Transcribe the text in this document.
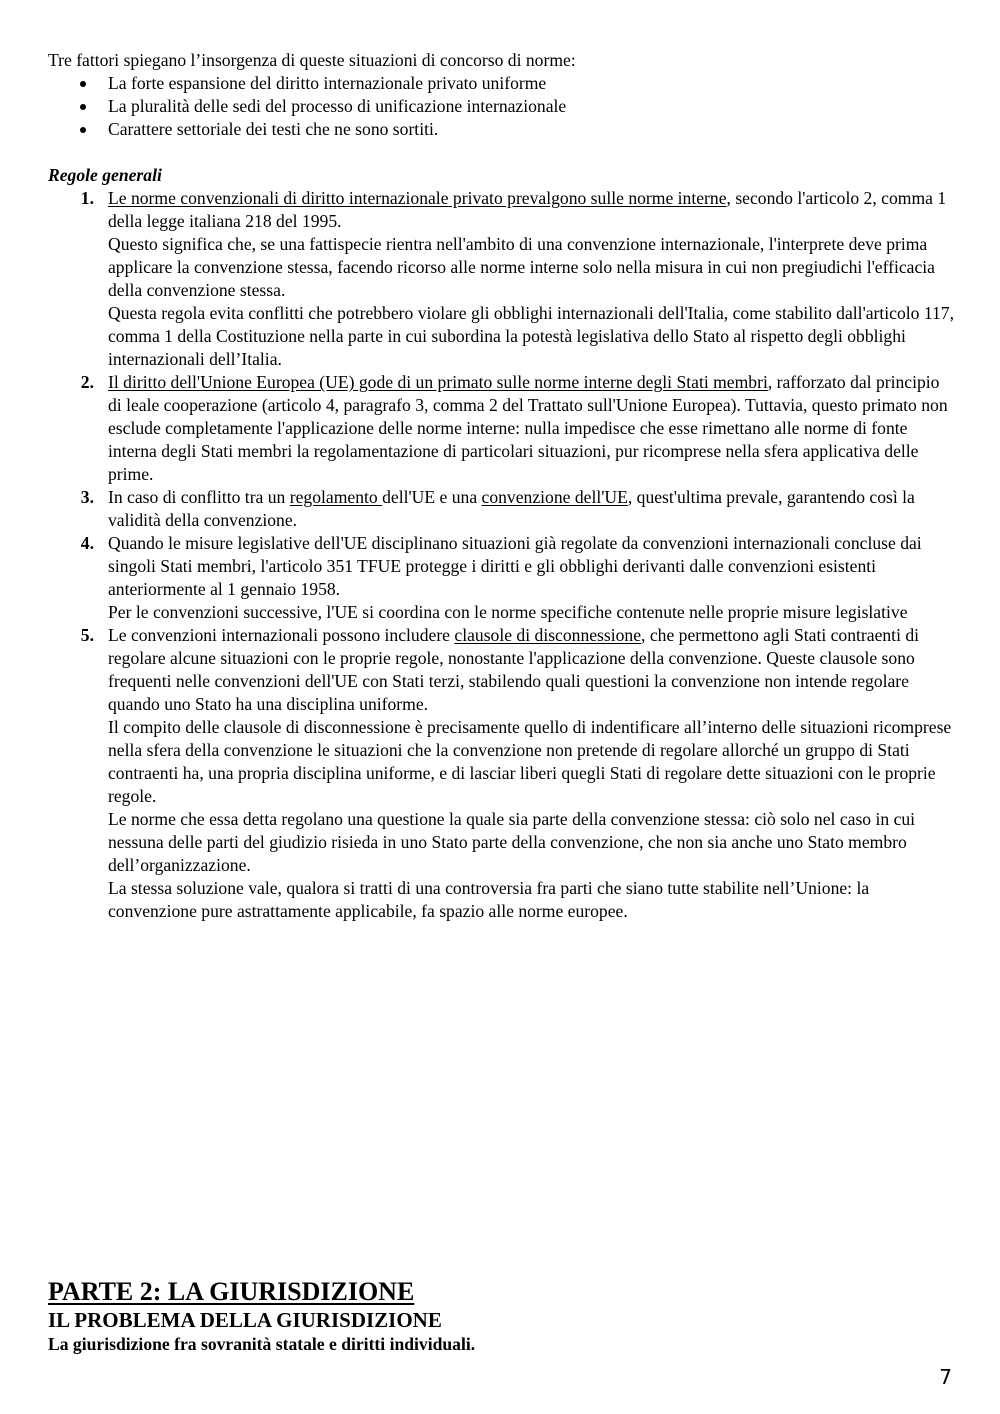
Tre fattori spiegano l’insorgenza di queste situazioni di concorso di norme:

La forte espansione del diritto internazionale privato uniforme
La pluralità delle sedi del processo di unificazione internazionale
Carattere settoriale dei testi che ne sono sortiti.

Regole generali

1. Le norme convenzionali di diritto internazionale privato prevalgono sulle norme interne, secondo l'articolo 2, comma 1 della legge italiana 218 del 1995.

Questo significa che, se una fattispecie rientra nell'ambito di una convenzione internazionale, l'interprete deve prima applicare la convenzione stessa, facendo ricorso alle norme interne solo nella misura in cui non pregiudichi l'efficacia della convenzione stessa.

Questa regola evita conflitti che potrebbero violare gli obblighi internazionali dell'Italia, come stabilito dall'articolo 117, comma 1 della Costituzione nella parte in cui subordina la potestà legislativa dello Stato al rispetto degli obblighi internazionali dell’Italia.

2. Il diritto dell'Unione Europea (UE) gode di un primato sulle norme interne degli Stati membri, rafforzato dal principio di leale cooperazione (articolo 4, paragrafo 3, comma 2 del Trattato sull'Unione Europea). Tuttavia, questo primato non esclude completamente l'applicazione delle norme interne: nulla impedisce che esse rimettano alle norme di fonte interna degli Stati membri la regolamentazione di particolari situazioni, pur ricomprese nella sfera applicativa delle prime.

3. In caso di conflitto tra un regolamento dell'UE e una convenzione dell'UE, quest'ultima prevale, garantendo così la validità della convenzione.

4. Quando le misure legislative dell'UE disciplinano situazioni già regolate da convenzioni internazionali concluse dai singoli Stati membri, l'articolo 351 TFUE protegge i diritti e gli obblighi derivanti dalle convenzioni esistenti anteriormente al 1 gennaio 1958.

Per le convenzioni successive, l'UE si coordina con le norme specifiche contenute nelle proprie misure legislative

5. Le convenzioni internazionali possono includere clausole di disconnessione, che permettono agli Stati contraenti di regolare alcune situazioni con le proprie regole, nonostante l'applicazione della convenzione. Queste clausole sono frequenti nelle convenzioni dell'UE con Stati terzi, stabilendo quali questioni la convenzione non intende regolare quando uno Stato ha una disciplina uniforme.

Il compito delle clausole di disconnessione è precisamente quello di indentificare all’interno delle situazioni ricomprese nella sfera della convenzione le situazioni che la convenzione non pretende di regolare allorché un gruppo di Stati contraenti ha, una propria disciplina uniforme, e di lasciar liberi quegli Stati di regolare dette situazioni con le proprie regole.

Le norme che essa detta regolano una questione la quale sia parte della convenzione stessa: ciò solo nel caso in cui nessuna delle parti del giudizio risieda in uno Stato parte della convenzione, che non sia anche uno Stato membro dell’organizzazione.

La stessa soluzione vale, qualora si tratti di una controversia fra parti che siano tutte stabilite nell’Unione: la convenzione pure astrattamente applicabile, fa spazio alle norme europee.

PARTE 2: LA GIURISDIZIONE
IL PROBLEMA DELLA GIURISDIZIONE
La giurisdizione fra sovranità statale e diritti individuali.
7
